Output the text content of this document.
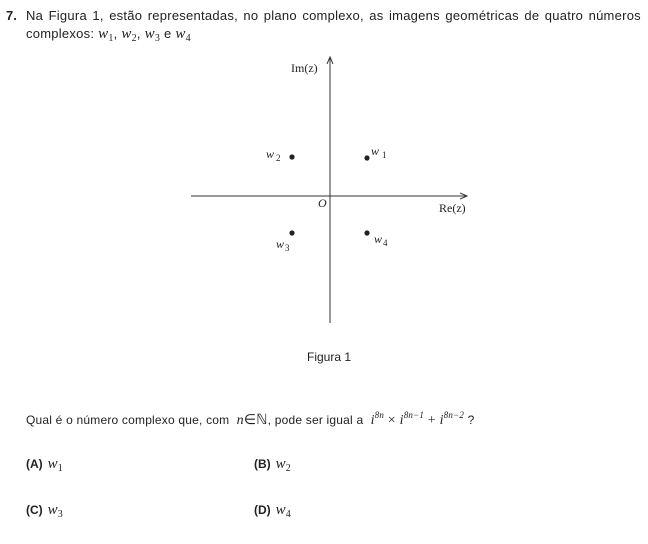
7. Na Figura 1, estão representadas, no plano complexo, as imagens geométricas de quatro números
complexos: $w_1$, $w_2$, $w_3$ e $w_4$
Im(z)
Re(z)
O
w $_1$
w $_2$
$w_3$
$w_4$
Figura 1
Qual é o número complexo que, com n∈ℕ, pode ser igual a $i^{8n} \times i^{8n-1} + i^{8n-2}$ ?
(A) $w_1$	(B) $w_2$
(C) $w_3$	(D) $w_4$
